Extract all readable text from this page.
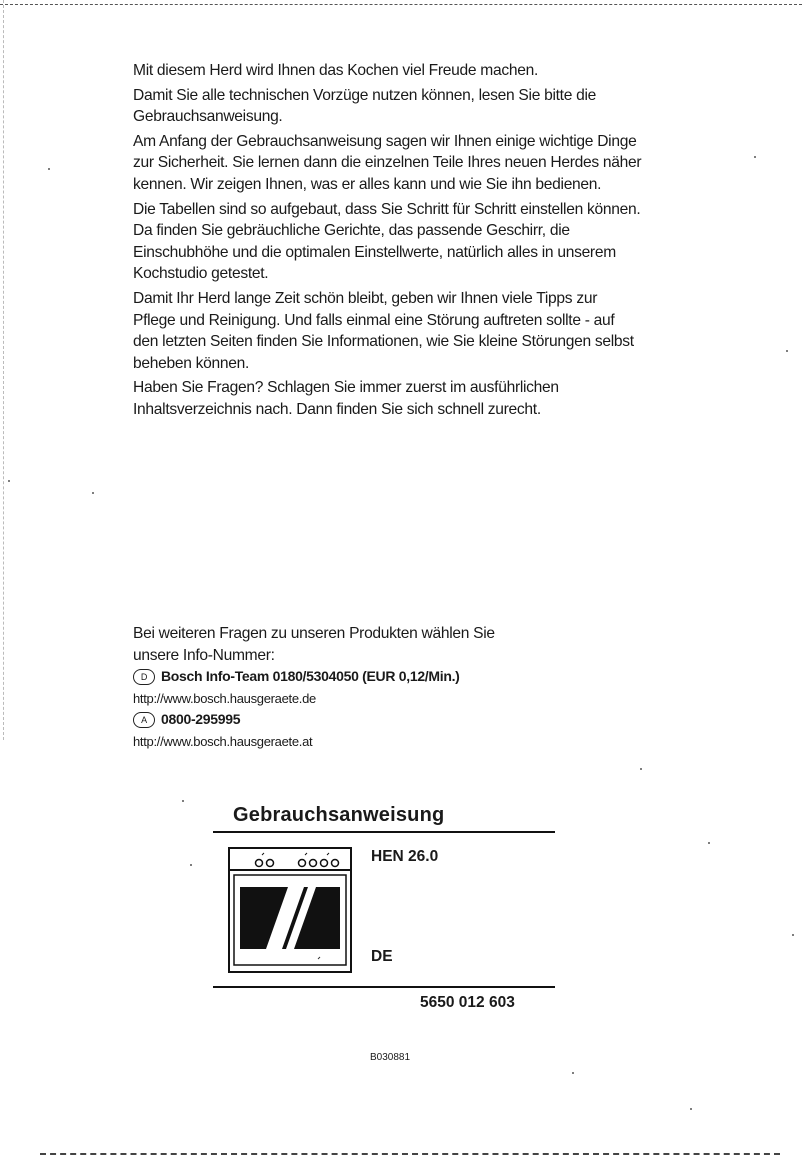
Mit diesem Herd wird Ihnen das Kochen viel Freude machen.

Damit Sie alle technischen Vorzüge nutzen können, lesen Sie bitte die Gebrauchsanweisung.

Am Anfang der Gebrauchsanweisung sagen wir Ihnen einige wichtige Dinge zur Sicherheit. Sie lernen dann die einzelnen Teile Ihres neuen Herdes näher kennen. Wir zeigen Ihnen, was er alles kann und wie Sie ihn bedienen.

Die Tabellen sind so aufgebaut, dass Sie Schritt für Schritt einstellen können. Da finden Sie gebräuchliche Gerichte, das passende Geschirr, die Einschubhöhe und die optimalen Einstellwerte, natürlich alles in unserem Kochstudio getestet.

Damit Ihr Herd lange Zeit schön bleibt, geben wir Ihnen viele Tipps zur Pflege und Reinigung. Und falls einmal eine Störung auftreten sollte - auf den letzten Seiten finden Sie Informationen, wie Sie kleine Störungen selbst beheben können.

Haben Sie Fragen? Schlagen Sie immer zuerst im ausführlichen Inhaltsverzeichnis nach. Dann finden Sie sich schnell zurecht.

Bei weiteren Fragen zu unseren Produkten wählen Sie
unsere Info-Nummer:
D Bosch Info-Team 0180/5304050 (EUR 0,12/Min.)
http://www.bosch.hausgeraete.de
A	0800-295995
http://www.bosch.hausgeraete.at
Gebrauchsanweisung
HEN 26.0
DE
5650 012 603
B030881
